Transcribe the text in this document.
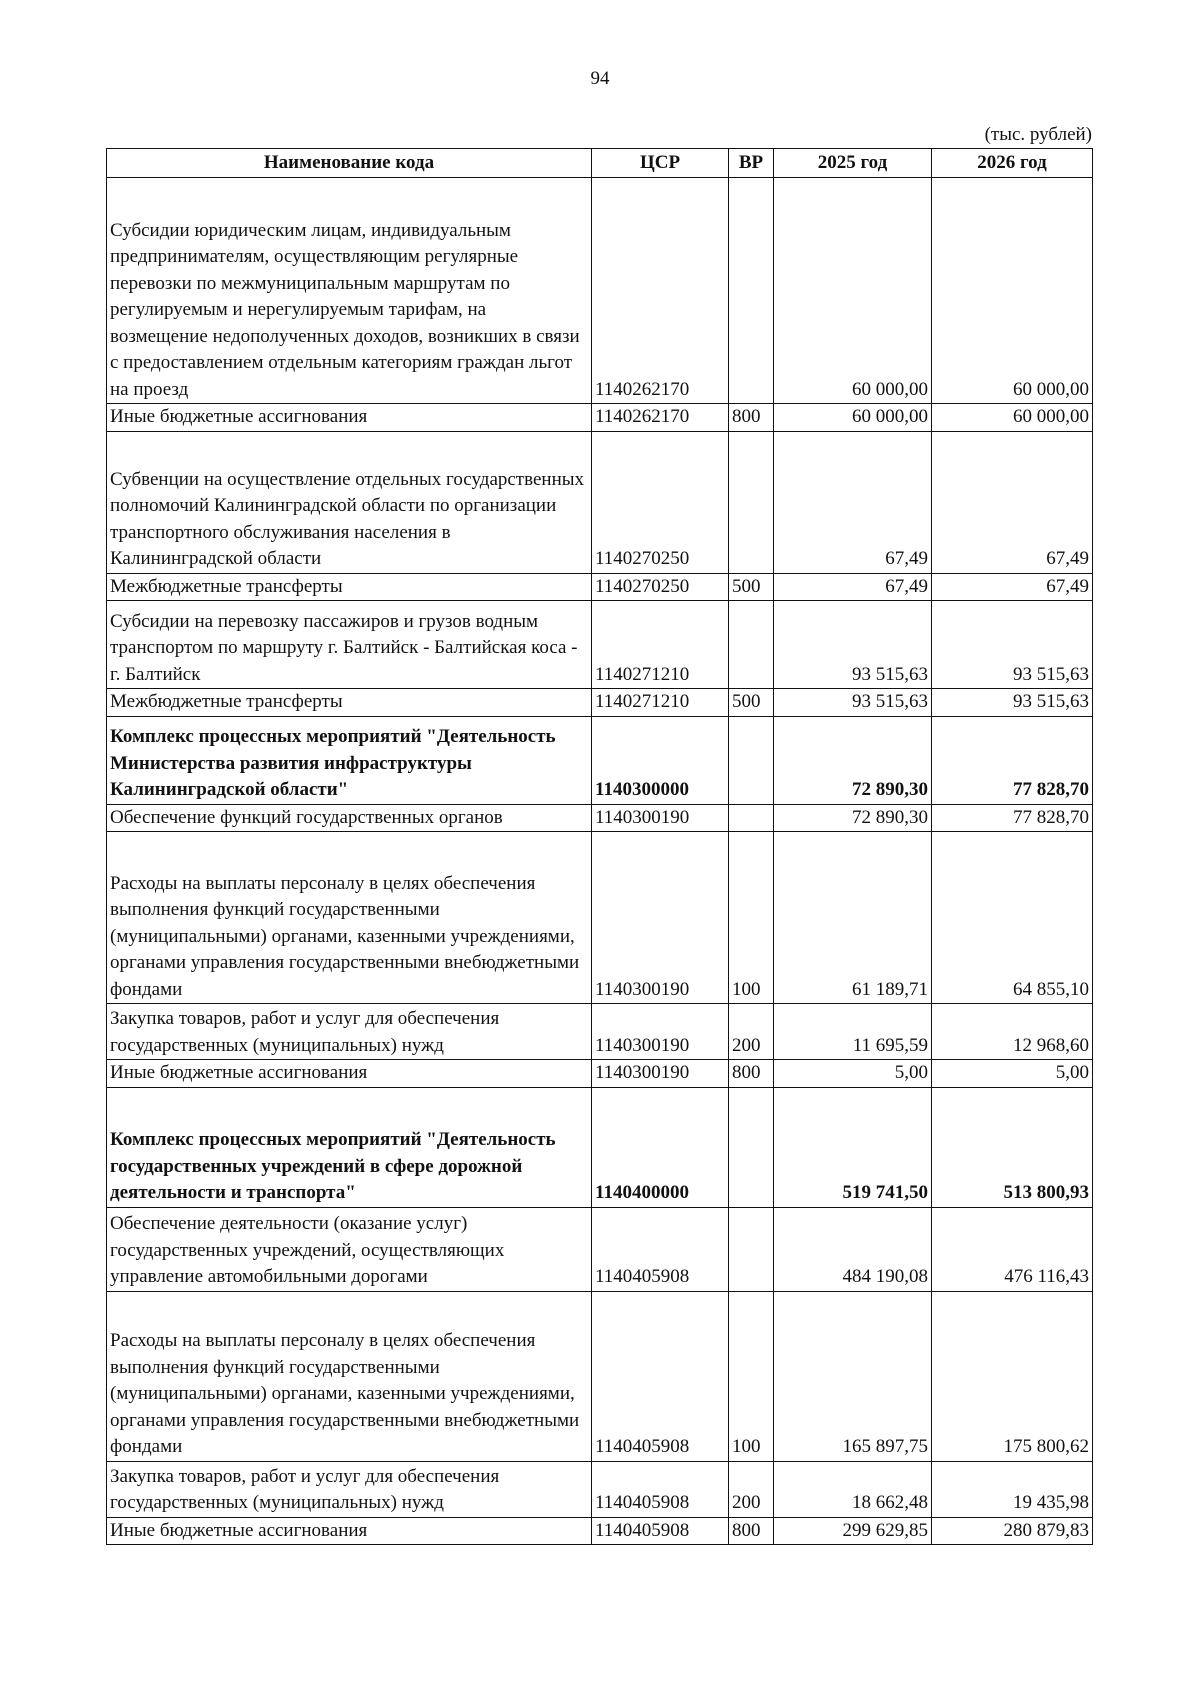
94
(тыс. рублей)
Наименование кода	ЦСР	ВР	2025 год	2026 год
Субсидии юридическим лицам, индивидуальным предпринимателям, осуществляющим регулярные перевозки по межмуниципальным маршрутам по регулируемым и нерегулируемым тарифам, на возмещение недополученных доходов, возникших в связи с предоставлением отдельным категориям граждан льгот на проезд	1140262170		60 000,00	60 000,00
Иные бюджетные ассигнования	1140262170	800	60 000,00	60 000,00
Субвенции на осуществление отдельных государственных полномочий Калининградской области по организации транспортного обслуживания населения в Калининградской области	1140270250		67,49	67,49
Межбюджетные трансферты	1140270250	500	67,49	67,49
Субсидии на перевозку пассажиров и грузов водным транспортом по маршруту г. Балтийск - Балтийская коса - г. Балтийск	1140271210		93 515,63	93 515,63
Межбюджетные трансферты	1140271210	500	93 515,63	93 515,63
Комплекс процессных мероприятий "Деятельность Министерства развития инфраструктуры Калининградской области"	1140300000		72 890,30	77 828,70
Обеспечение функций государственных органов	1140300190		72 890,30	77 828,70
Расходы на выплаты персоналу в целях обеспечения выполнения функций государственными (муниципальными) органами, казенными учреждениями, органами управления государственными внебюджетными фондами	1140300190	100	61 189,71	64 855,10
Закупка товаров, работ и услуг для обеспечения государственных (муниципальных) нужд	1140300190	200	11 695,59	12 968,60
Иные бюджетные ассигнования	1140300190	800	5,00	5,00
Комплекс процессных мероприятий "Деятельность государственных учреждений в сфере дорожной деятельности и транспорта"	1140400000		519 741,50	513 800,93
Обеспечение деятельности (оказание услуг) государственных учреждений, осуществляющих управление автомобильными дорогами	1140405908		484 190,08	476 116,43
Расходы на выплаты персоналу в целях обеспечения выполнения функций государственными (муниципальными) органами, казенными учреждениями, органами управления государственными внебюджетными фондами	1140405908	100	165 897,75	175 800,62
Закупка товаров, работ и услуг для обеспечения государственных (муниципальных) нужд	1140405908	200	18 662,48	19 435,98
Иные бюджетные ассигнования	1140405908	800	299 629,85	280 879,83
